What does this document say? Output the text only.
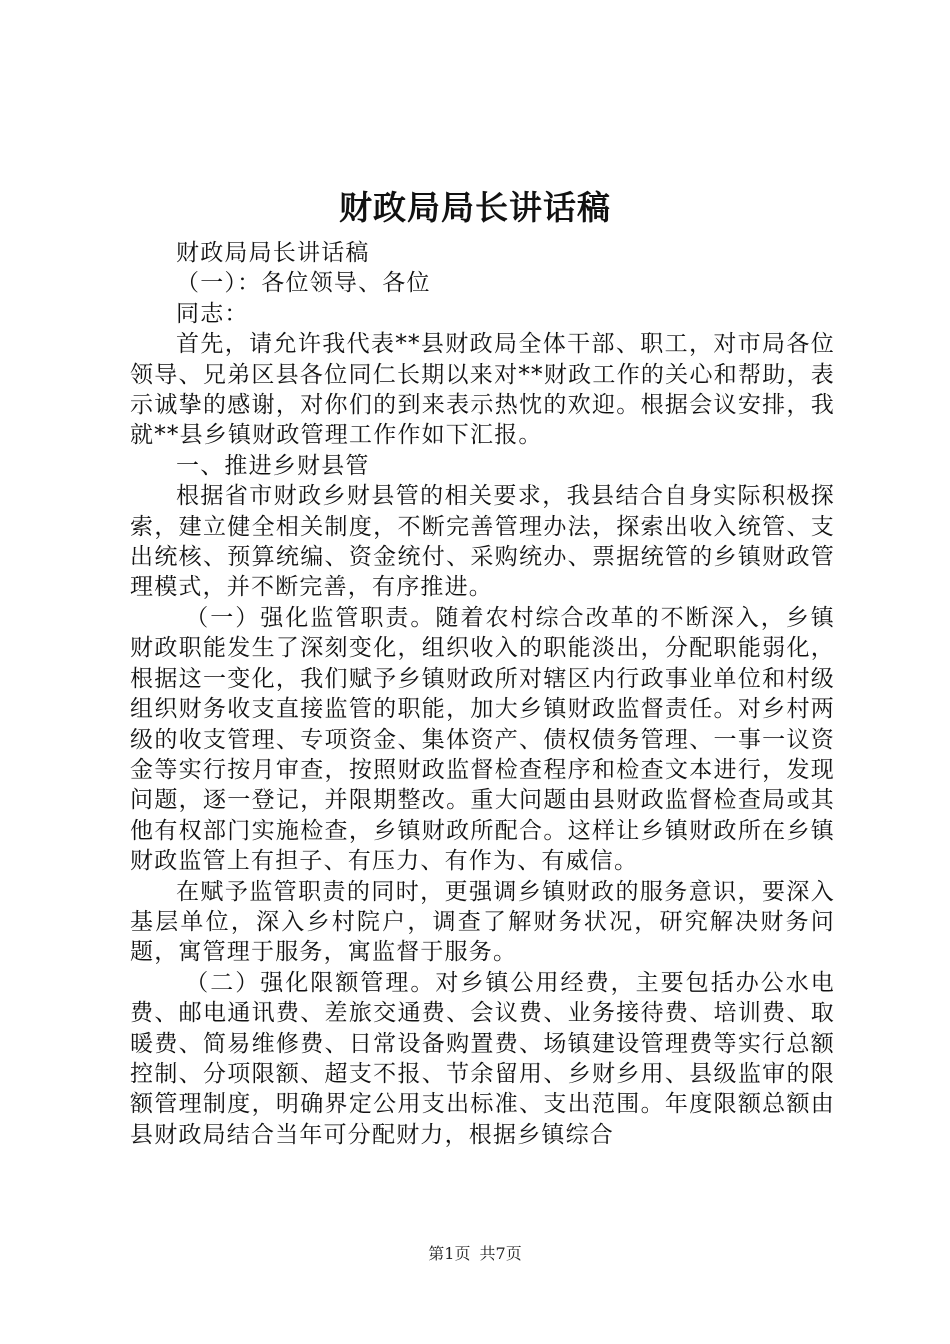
财政局局长讲话稿

财政局局长讲话稿

（一）：各位领导、各位

同志：

首先，请允许我代表**县财政局全体干部、职工，对市局各位领导、兄弟区县各位同仁长期以来对**财政工作的关心和帮助，表示诚挚的感谢，对你们的到来表示热忱的欢迎。根据会议安排，我就**县乡镇财政管理工作作如下汇报。

一、推进乡财县管

根据省市财政乡财县管的相关要求，我县结合自身实际积极探索，建立健全相关制度，不断完善管理办法，探索出收入统管、支出统核、预算统编、资金统付、采购统办、票据统管的乡镇财政管理模式，并不断完善，有序推进。

（一）强化监管职责。随着农村综合改革的不断深入，乡镇财政职能发生了深刻变化，组织收入的职能淡出，分配职能弱化，根据这一变化，我们赋予乡镇财政所对辖区内行政事业单位和村级组织财务收支直接监管的职能，加大乡镇财政监督责任。对乡村两级的收支管理、专项资金、集体资产、债权债务管理、一事一议资金等实行按月审查，按照财政监督检查程序和检查文本进行，发现问题，逐一登记，并限期整改。重大问题由县财政监督检查局或其他有权部门实施检查，乡镇财政所配合。这样让乡镇财政所在乡镇财政监管上有担子、有压力、有作为、有威信。

在赋予监管职责的同时，更强调乡镇财政的服务意识，要深入基层单位，深入乡村院户，调查了解财务状况，研究解决财务问题，寓管理于服务，寓监督于服务。

（二）强化限额管理。对乡镇公用经费，主要包括办公水电费、邮电通讯费、差旅交通费、会议费、业务接待费、培训费、取暖费、简易维修费、日常设备购置费、场镇建设管理费等实行总额控制、分项限额、超支不报、节余留用、乡财乡用、县级监审的限额管理制度，明确界定公用支出标准、支出范围。年度限额总额由县财政局结合当年可分配财力，根据乡镇综合

第1页 共7页
